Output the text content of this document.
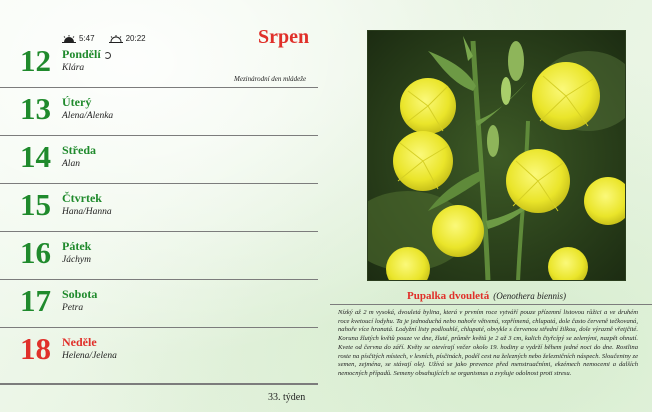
5:47	20:22	Srpen
Mezinárodní den mládeže
12 Pondělí
Klára
13 Úterý
Alena/Alenka
14 Středa
Alan
15 Čtvrtek
Hana/Hanna
16 Pátek
Jáchym
17 Sobota
Petra
18 Neděle
Helena/Jelena
33. týden
Pupalka dvouletá (Oenothera biennis)
Nízký až 2 m vysoká, dvouletá bylina, která v prvním roce vytváří pouze přízemní listovou růžici a ve druhém roce kvetoucí lodyhu. Ta je jednoduchá nebo nahoře větvená, vzpřímená, chlupatá, dole často červeně tečkovaná, nahoře více hranatá. Lodyžní listy podlouhlé, chlupaté, obvykle s červenou střední žilkou, dole výrazně vřetjčité. Koruna žlutých květů pouze ve dne, žluté, průměr květů je 2 až 3 cm, kalich čtyřcípý se zelenými, nazpět ohnutí. Kvete od června do září. Květy se otevírají večer okolo 19. hodiny a vydrží během jedné noci do dne. Rostlina roste na písčitých místech, v lesních, písčinách, podél cest na železných nebo železničních náspech. Sloučeniny ze semen, zejména, se stávají olej. Užívá se jako prevence před menstruačními, ekzémech nemocemi a dalších nemocných případů. Semeny obsahujících se organismus a zvyšuje odolnost proti stresu.
